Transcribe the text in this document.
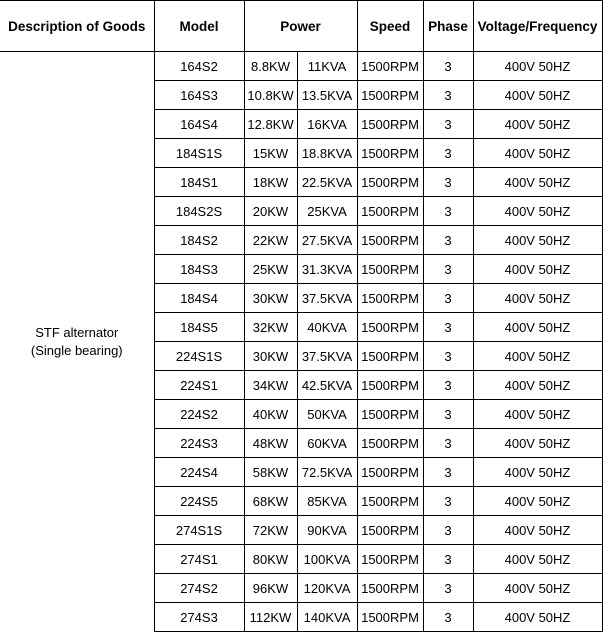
Description of Goods	Model	Power		Speed	Phase	Voltage/Frequency

STF alternator
(Single bearing)	164S2	8.8KW	11KVA	1500RPM	3	400V 50HZ
	164S3	10.8KW	13.5KVA	1500RPM	3	400V 50HZ
	164S4	12.8KW	16KVA	1500RPM	3	400V 50HZ
	184S1S	15KW	18.8KVA	1500RPM	3	400V 50HZ
	184S1	18KW	22.5KVA	1500RPM	3	400V 50HZ
	184S2S	20KW	25KVA	1500RPM	3	400V 50HZ
	184S2	22KW	27.5KVA	1500RPM	3	400V 50HZ
	184S3	25KW	31.3KVA	1500RPM	3	400V 50HZ
	184S4	30KW	37.5KVA	1500RPM	3	400V 50HZ
	184S5	32KW	40KVA	1500RPM	3	400V 50HZ
	224S1S	30KW	37.5KVA	1500RPM	3	400V 50HZ
	224S1	34KW	42.5KVA	1500RPM	3	400V 50HZ
	224S2	40KW	50KVA	1500RPM	3	400V 50HZ
	224S3	48KW	60KVA	1500RPM	3	400V 50HZ
	224S4	58KW	72.5KVA	1500RPM	3	400V 50HZ
	224S5	68KW	85KVA	1500RPM	3	400V 50HZ
	274S1S	72KW	90KVA	1500RPM	3	400V 50HZ
	274S1	80KW	100KVA	1500RPM	3	400V 50HZ
	274S2	96KW	120KVA	1500RPM	3	400V 50HZ
	274S3	112KW	140KVA	1500RPM	3	400V 50HZ
